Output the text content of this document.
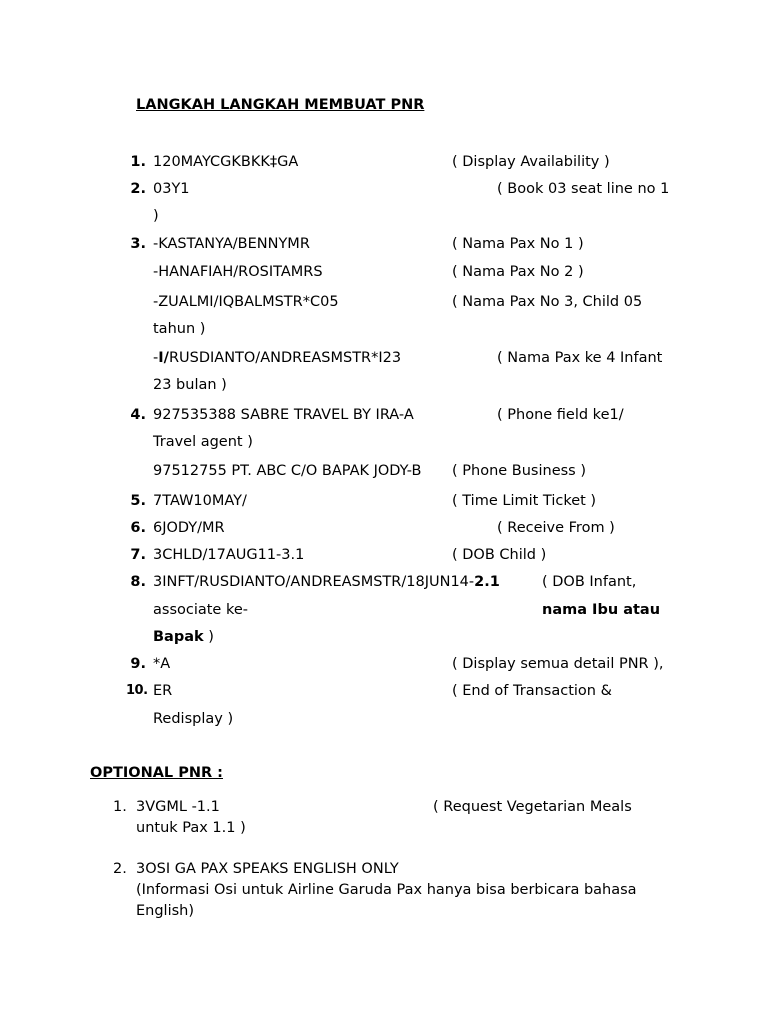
LANGKAH LANGKAH MEMBUAT PNR
1. 120MAYCGKBKK‡GA	( Display Availability )
2. 03Y1	( Book 03 seat line no 1
)
3. -KASTANYA/BENNYMR	( Nama Pax No 1 )
-HANAFIAH/ROSITAMRS	( Nama Pax No 2 )
-ZUALMI/IQBALMSTR*C05	( Nama Pax No 3, Child 05
tahun )
-I/RUSDIANTO/ANDREASMSTR*I23	( Nama Pax ke 4 Infant
23 bulan )
4. 927535388 SABRE TRAVEL BY IRA-A	( Phone field ke1/
Travel agent )
97512755 PT. ABC C/O BAPAK JODY-B ( Phone Business )
5. 7TAW10MAY/	( Time Limit Ticket )
6. 6JODY/MR	( Receive From )
7. 3CHLD/17AUG11-3.1	( DOB Child )
8. 3INFT/RUSDIANTO/ANDREASMSTR/18JUN14-2.1	( DOB Infant,
associate ke-	nama Ibu atau
Bapak )
9. *A	( Display semua detail PNR ),
10. ER	( End of Transaction &
Redisplay )
OPTIONAL PNR :
1. 3VGML -1.1	( Request Vegetarian Meals
untuk Pax 1.1 )
2. 3OSI GA PAX SPEAKS ENGLISH ONLY
(Informasi Osi untuk Airline Garuda Pax hanya bisa berbicara bahasa
English)
